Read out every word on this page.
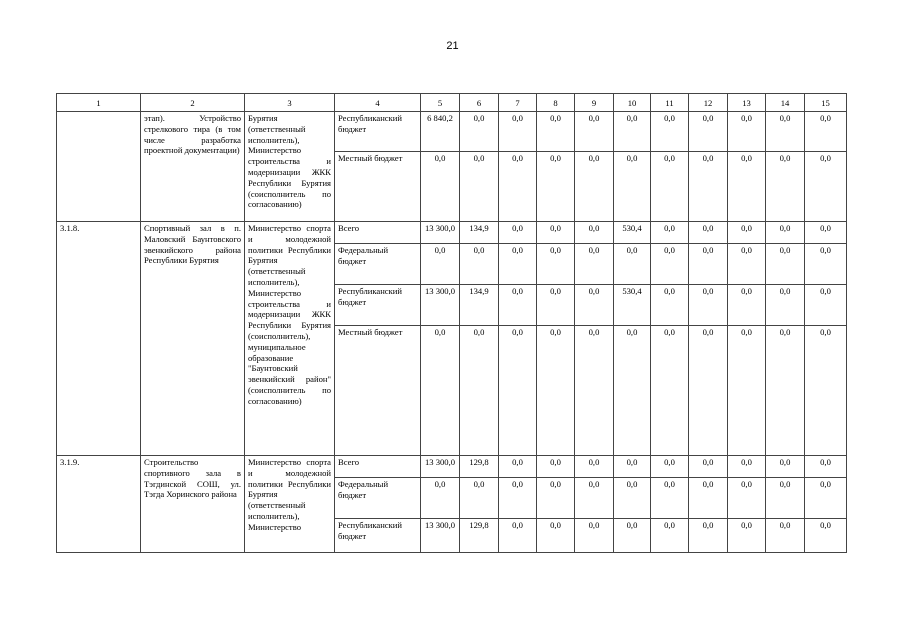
21
1	2	3	4	5	6	7	8	9	10	11	12	13	14	15
	этап). Устройство стрелкового тира (в том числе разработка проектной документации)	Бурятия (ответственный исполнитель), Министерство строительства и модернизации ЖКК Республики Бурятия (соисполнитель по согласованию)	Республиканский бюджет	6 840,2	0,0	0,0	0,0	0,0	0,0	0,0	0,0	0,0	0,0	0,0
			Местный бюджет	0,0	0,0	0,0	0,0	0,0	0,0	0,0	0,0	0,0	0,0	0,0
3.1.8.	Спортивный зал в п. Маловский Баунтовского эвенкийского района Республики Бурятия	Министерство спорта и молодежной политики Республики Бурятия (ответственный исполнитель), Министерство строительства и модернизации ЖКК Республики Бурятия (соисполнитель), муниципальное образование "Баунтовский эвенкийский район" (соисполнитель по согласованию)	Всего	13 300,0	134,9	0,0	0,0	0,0	530,4	0,0	0,0	0,0	0,0	0,0
			Федеральный бюджет	0,0	0,0	0,0	0,0	0,0	0,0	0,0	0,0	0,0	0,0	0,0
			Республиканский бюджет	13 300,0	134,9	0,0	0,0	0,0	530,4	0,0	0,0	0,0	0,0	0,0
			Местный бюджет	0,0	0,0	0,0	0,0	0,0	0,0	0,0	0,0	0,0	0,0	0,0
3.1.9.	Строительство спортивного зала в Тэгдинской СОШ, ул. Тэгда Хоринского района	Министерство спорта и молодежной политики Республики Бурятия (ответственный исполнитель), Министерство	Всего	13 300,0	129,8	0,0	0,0	0,0	0,0	0,0	0,0	0,0	0,0	0,0
			Федеральный бюджет	0,0	0,0	0,0	0,0	0,0	0,0	0,0	0,0	0,0	0,0	0,0
			Республиканский бюджет	13 300,0	129,8	0,0	0,0	0,0	0,0	0,0	0,0	0,0	0,0	0,0
